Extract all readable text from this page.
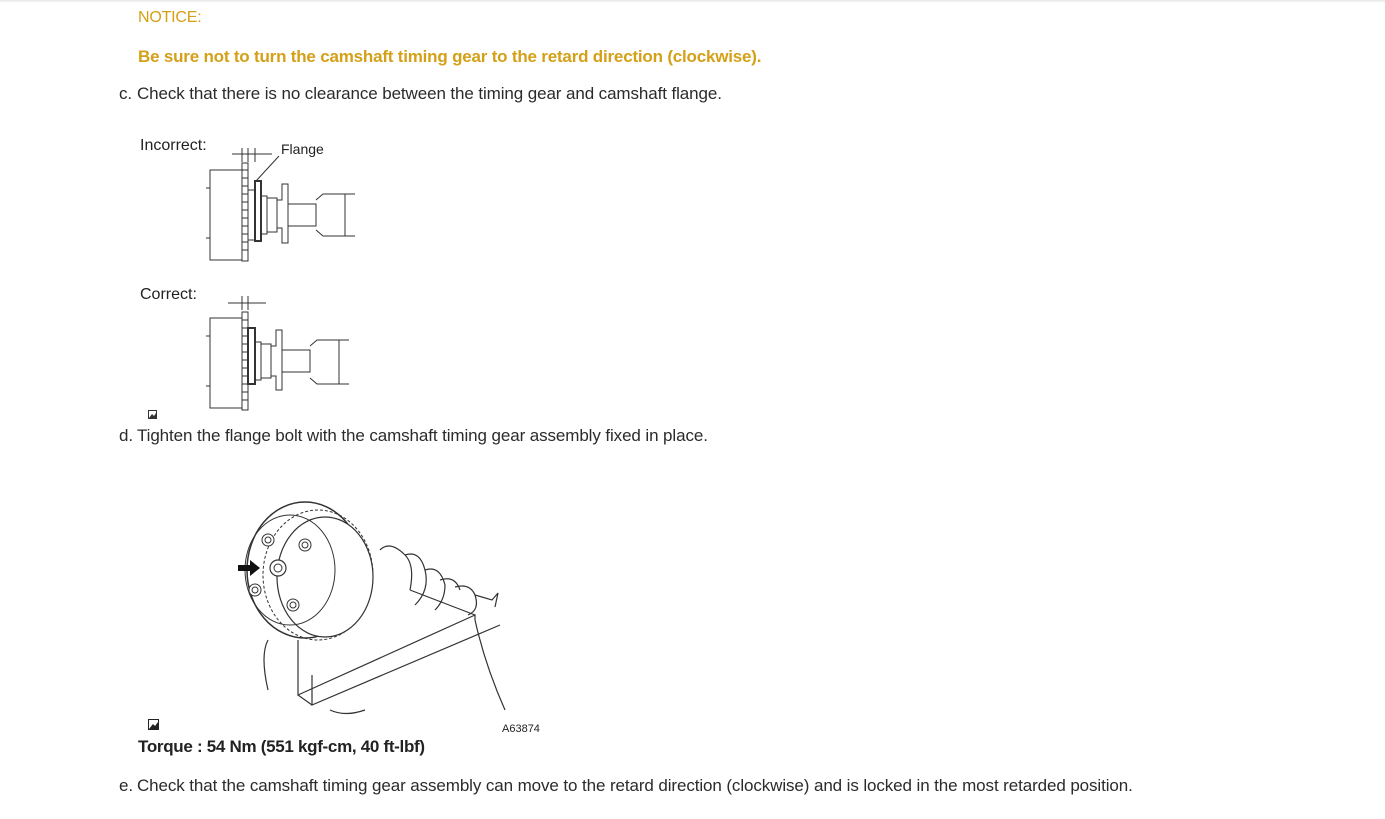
NOTICE:
Be sure not to turn the camshaft timing gear to the retard direction (clockwise).
c. Check that there is no clearance between the timing gear and camshaft flange.
Incorrect:	Flange
Correct:
d. Tighten the flange bolt with the camshaft timing gear assembly fixed in place.
A63874
Torque : 54 Nm (551 kgf-cm, 40 ft-lbf)
e. Check that the camshaft timing gear assembly can move to the retard direction (clockwise) and is locked in the most retarded position.
